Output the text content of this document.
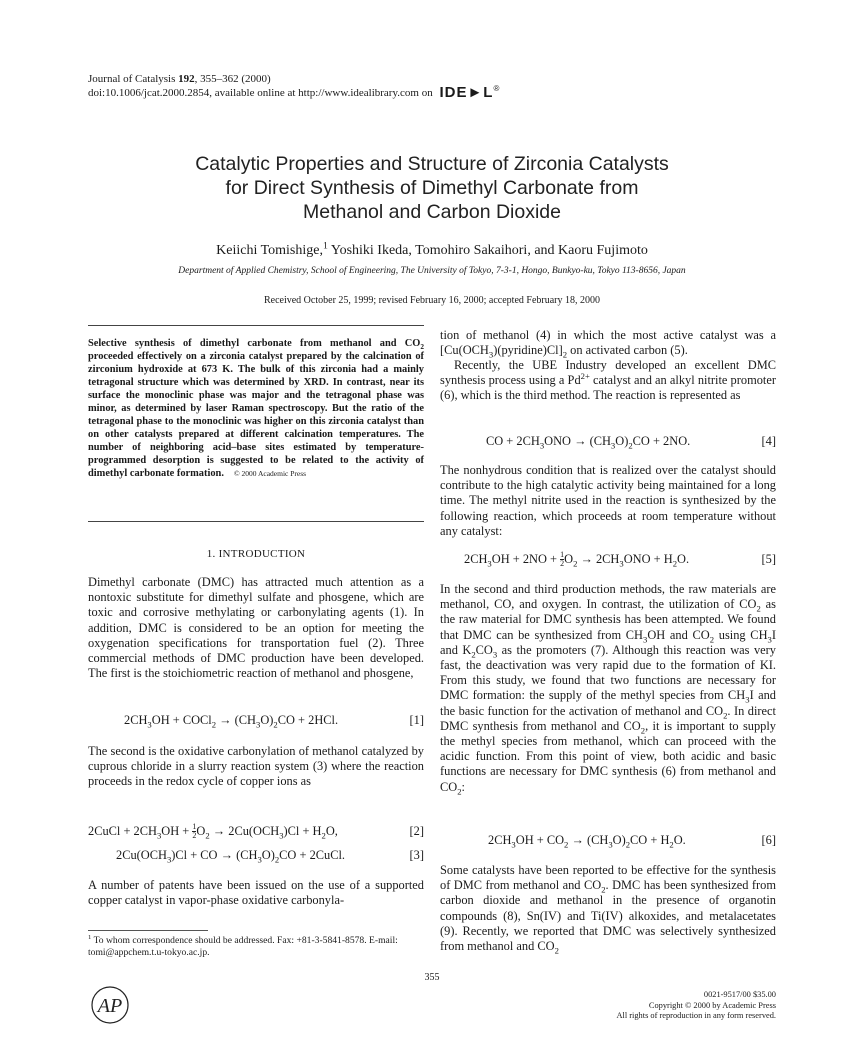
Journal of Catalysis 192, 355–362 (2000)
doi:10.1006/jcat.2000.2854, available online at http://www.idealibrary.com on IDE►L®
Catalytic Properties and Structure of Zirconia Catalysts
for Direct Synthesis of Dimethyl Carbonate from
Methanol and Carbon Dioxide
Keiichi Tomishige,$^1$ Yoshiki Ikeda, Tomohiro Sakaihori, and Kaoru Fujimoto
Department of Applied Chemistry, School of Engineering, The University of Tokyo, 7-3-1, Hongo, Bunkyo-ku, Tokyo 113-8656, Japan
Received October 25, 1999; revised February 16, 2000; accepted February 18, 2000
Selective synthesis of dimethyl carbonate from methanol and $CO_2$ proceeded effectively on a zirconia catalyst prepared by the calcination of zirconium hydroxide at 673 K. The bulk of this zirconia had a mainly tetragonal structure which was determined by XRD. In contrast, near its surface the monoclinic phase was major and the tetragonal phase was minor, as determined by laser Raman spectroscopy. But the ratio of the tetragonal phase to the monoclinic was higher on this zirconia catalyst than on other catalysts prepared at different calcination temperatures. The number of neighboring acid–base sites estimated by temperature-programmed desorption is suggested to be related to the activity of dimethyl carbonate formation. © 2000 Academic Press
1. INTRODUCTION
Dimethyl carbonate (DMC) has attracted much attention as a nontoxic substitute for dimethyl sulfate and phosgene, which are toxic and corrosive methylating or carbonylating agents (1). In addition, DMC is considered to be an option for meeting the oxygenation specifications for transportation fuel (2). Three commercial methods of DMC production have been developed. The first is the stoichiometric reaction of methanol and phosgene,
$2CH_3OH$ + COCl$_2$ → $(CH_3O)_2CO + 2HCl$.	[1]
The second is the oxidative carbonylation of methanol catalyzed by cuprous chloride in a slurry reaction system (3) where the reaction proceeds in the redox cycle of copper ions as
2CuCl + $2CH_3OH + \frac{1}{2} O_2 \to 2Cu(OCH_3)Cl + H_2O$,	[2]
$2Cu(OCH_3)Cl$ + CO → $(CH_3O)_2CO$ + 2CuCl.	[3]
A number of patents have been issued on the use of a supported copper catalyst in vapor-phase oxidative carbonyla-
$^1$ To whom correspondence should be addressed. Fax: +81-3-5841-8578. E-mail: tomi@appchem.t.u-tokyo.ac.jp.
tion of methanol (4) in which the most active catalyst was a $[Cu(OCH_3)(pyridine)Cl]_2$ on activated carbon (5).
Recently, the UBE Industry developed an excellent DMC synthesis process using a $Pd^{2+}$ catalyst and an alkyl nitrite promoter (6), which is the third method. The reaction is represented as
CO + $2CH_3ONO \to (CH_3O)_2CO + 2NO$.	[4]
The nonhydrous condition that is realized over the catalyst should contribute to the high catalytic activity being maintained for a long time. The methyl nitrite used in the reaction is synthesized by the following reaction, which proceeds at room temperature without any catalyst:
$2CH_3OH + 2NO + \frac{1}{2} O_2 \to 2CH_3ONO + H_2O$.	[5]
In the second and third production methods, the raw materials are methanol, CO, and oxygen. In contrast, the utilization of $CO_2$ as the raw material for DMC synthesis has been attempted. We found that DMC can be synthesized from $CH_3OH$ and $CO_2$ using $CH_3I$ and $K_2CO_3$ as the promoters (7). Although this reaction was very fast, the deactivation was very rapid due to the formation of KI. From this study, we found that two functions are necessary for DMC formation: the supply of the methyl species from $CH_3I$ and the basic function for the activation of methanol and $CO_2$. In direct DMC synthesis from methanol and $CO_2$, it is important to supply the methyl species from methanol, which can proceed with the acidic function. From this point of view, both acidic and basic functions are necessary for DMC synthesis (6) from methanol and $CO_2$:
$2CH_3OH + CO_2 \to (CH_3O)_2CO + H_2O$.	[6]
Some catalysts have been reported to be effective for the synthesis of DMC from methanol and $CO_2$. DMC has been synthesized from carbon dioxide and methanol in the presence of organotin compounds (8), Sn(IV) and Ti(IV) alkoxides, and metalacetates (9). Recently, we reported that DMC was selectively synthesized from methanol and $CO_2$
355
AP
0021-9517/00 $35.00
Copyright © 2000 by Academic Press
All rights of reproduction in any form reserved.
